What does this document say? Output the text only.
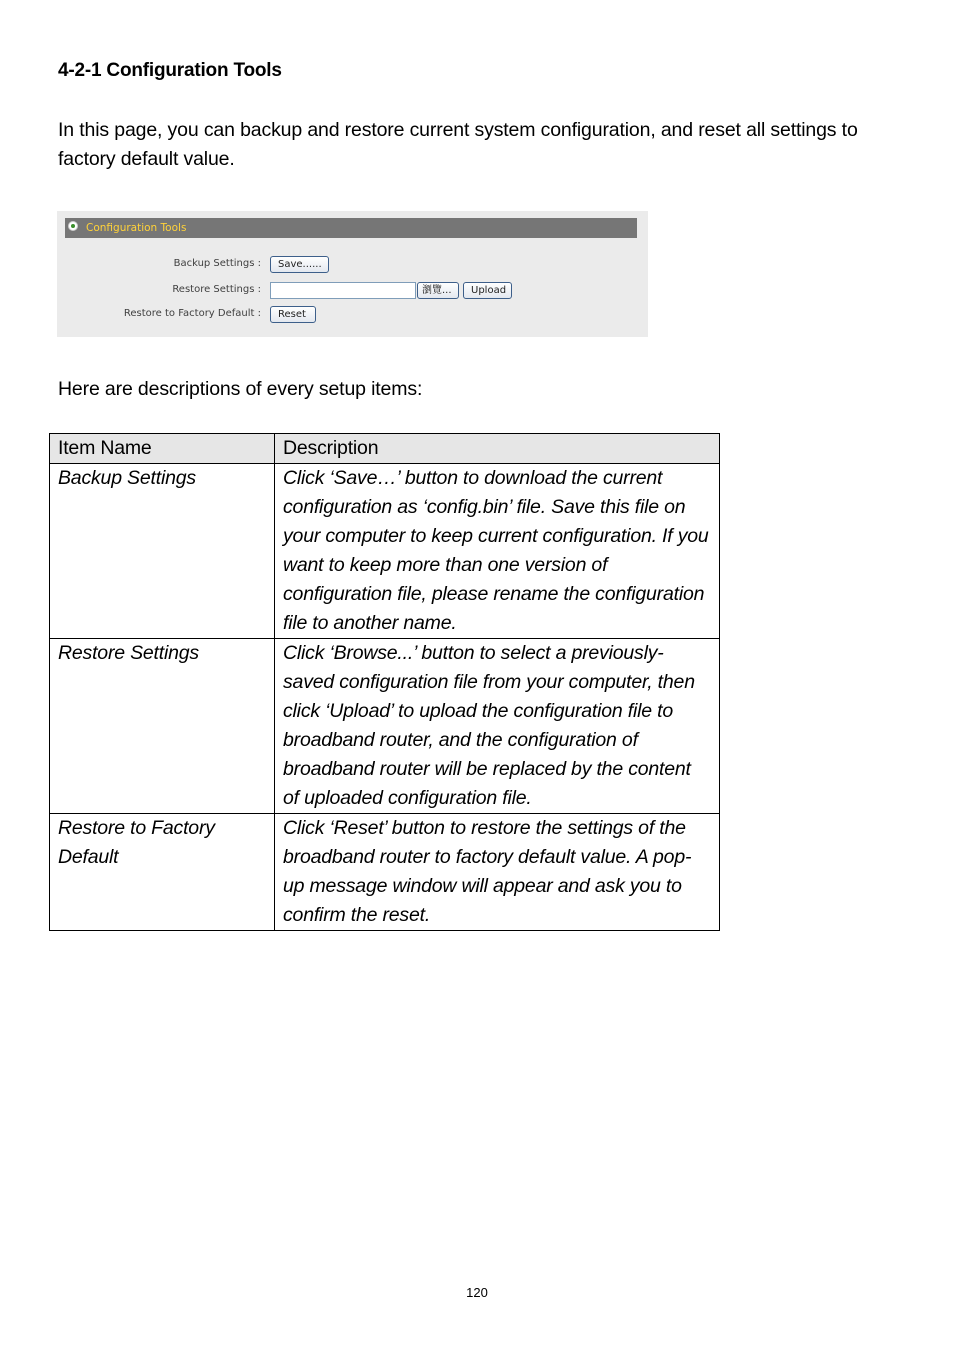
4-2-1 Configuration Tools
In this page, you can backup and restore current system configuration, and reset all settings to factory default value.
Configuration Tools
Backup Settings :	Save......
Restore Settings :	瀏覽...	Upload
Restore to Factory Default :	Reset
Here are descriptions of every setup items:
Item Name	Description
Backup Settings	Click ‘Save…’ button to download the current configuration as ‘config.bin’ file. Save this file on your computer to keep current configuration. If you want to keep more than one version of configuration file, please rename the configuration file to another name.
Restore Settings	Click ‘Browse...’ button to select a previously-saved configuration file from your computer, then click ‘Upload’ to upload the configuration file to broadband router, and the configuration of broadband router will be replaced by the content of uploaded configuration file.
Restore to Factory Default	Click ‘Reset’ button to restore the settings of the broadband router to factory default value. A pop-up message window will appear and ask you to confirm the reset.
120
